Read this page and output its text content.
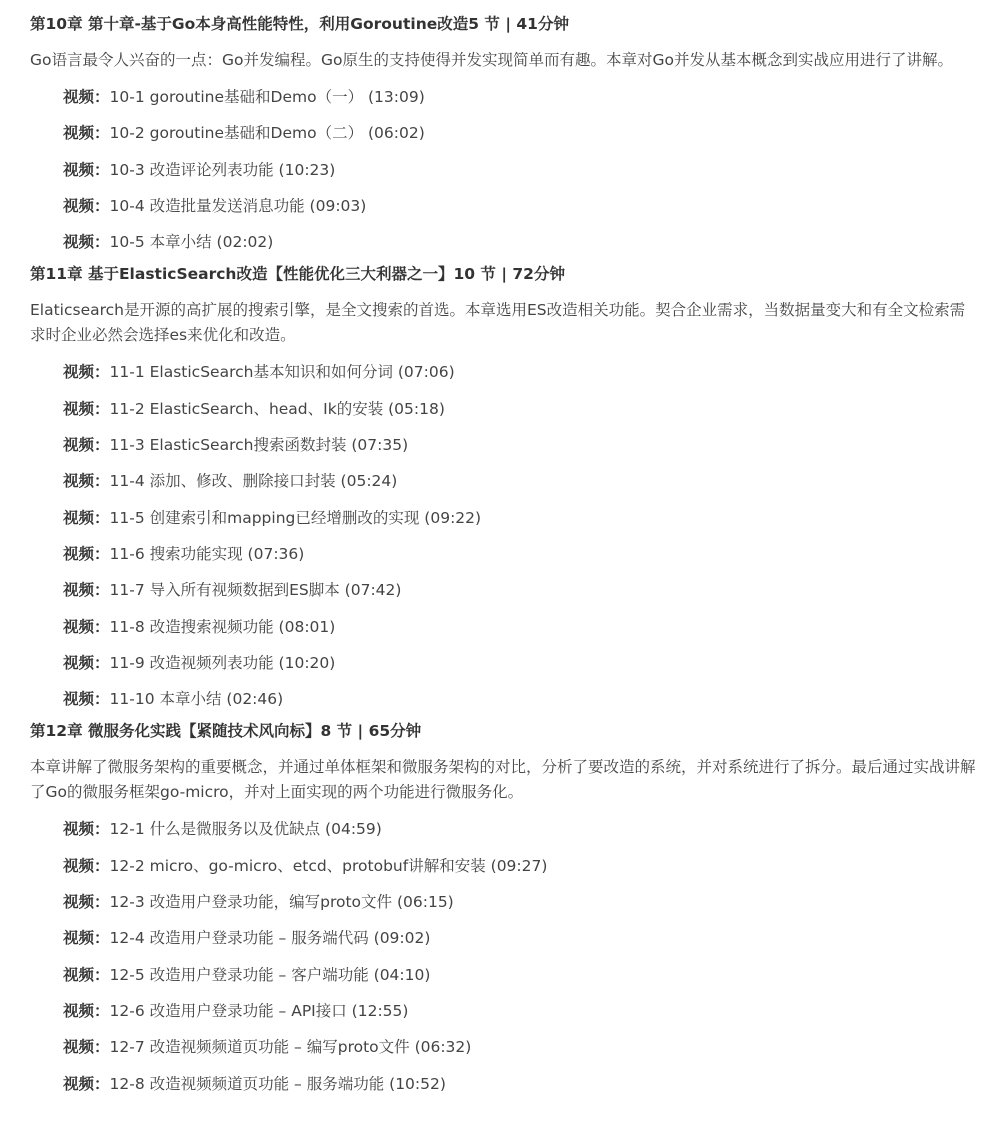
第10章 第十章-基于Go本身高性能特性，利用Goroutine改造5 节 | 41分钟

Go语言最令人兴奋的一点：Go并发编程。Go原生的支持使得并发实现简单而有趣。本章对Go并发从基本概念到实战应用进行了讲解。

视频：10-1 goroutine基础和Demo（一） (13:09)
视频：10-2 goroutine基础和Demo（二） (06:02)
视频：10-3 改造评论列表功能 (10:23)
视频：10-4 改造批量发送消息功能 (09:03)
视频：10-5 本章小结 (02:02)
第11章 基于ElasticSearch改造【性能优化三大利器之一】10 节 | 72分钟

Elaticsearch是开源的高扩展的搜索引擎，是全文搜索的首选。本章选用ES改造相关功能。契合企业需求，当数据量变大和有全文检索需求时企业必然会选择es来优化和改造。

视频：11-1 ElasticSearch基本知识和如何分词 (07:06)
视频：11-2 ElasticSearch、head、Ik的安装 (05:18)
视频：11-3 ElasticSearch搜索函数封装 (07:35)
视频：11-4 添加、修改、删除接口封装 (05:24)
视频：11-5 创建索引和mapping已经增删改的实现 (09:22)
视频：11-6 搜索功能实现 (07:36)
视频：11-7 导入所有视频数据到ES脚本 (07:42)
视频：11-8 改造搜索视频功能 (08:01)
视频：11-9 改造视频列表功能 (10:20)
视频：11-10 本章小结 (02:46)
第12章 微服务化实践【紧随技术风向标】8 节 | 65分钟

本章讲解了微服务架构的重要概念，并通过单体框架和微服务架构的对比，分析了要改造的系统，并对系统进行了拆分。最后通过实战讲解了Go的微服务框架go-micro，并对上面实现的两个功能进行微服务化。

视频：12-1 什么是微服务以及优缺点 (04:59)
视频：12-2 micro、go-micro、etcd、protobuf讲解和安装 (09:27)
视频：12-3 改造用户登录功能，编写proto文件 (06:15)
视频：12-4 改造用户登录功能 – 服务端代码 (09:02)
视频：12-5 改造用户登录功能 – 客户端功能 (04:10)
视频：12-6 改造用户登录功能 – API接口 (12:55)
视频：12-7 改造视频频道页功能 – 编写proto文件 (06:32)
视频：12-8 改造视频频道页功能 – 服务端功能 (10:52)
